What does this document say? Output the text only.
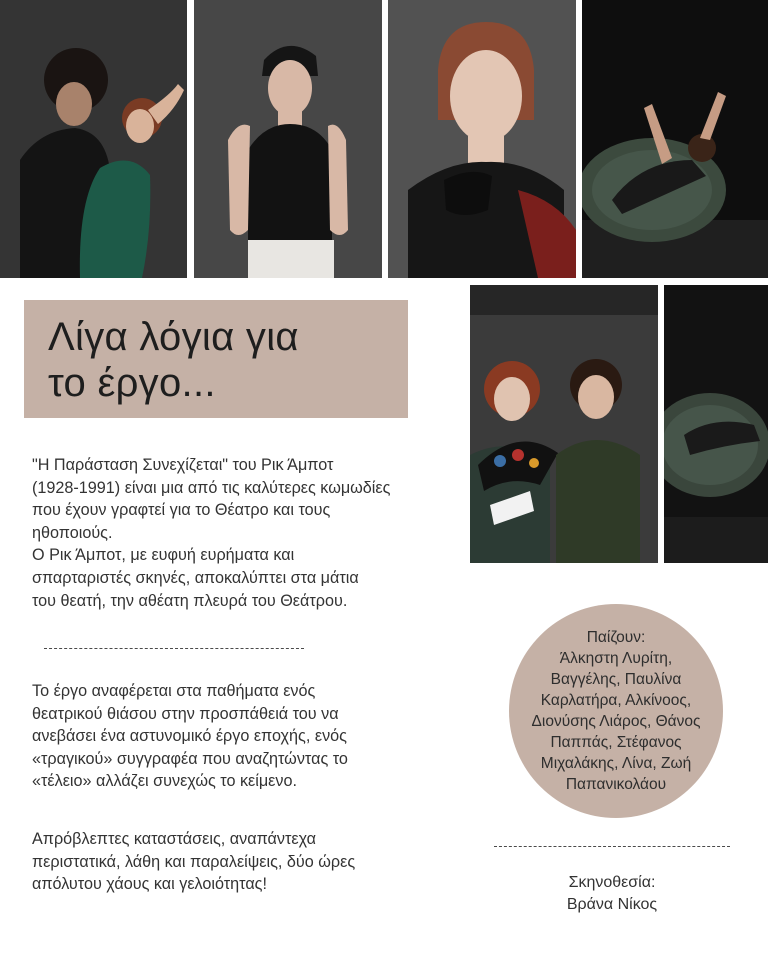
Λίγα λόγια για
το έργο...

"Η Παράσταση Συνεχίζεται" του Ρικ Άμποτ
(1928-1991) είναι μια από τις καλύτερες κωμωδίες
που έχουν γραφτεί για το Θέατρο και τους
ηθοποιούς.
Ο Ρικ Άμποτ, με ευφυή ευρήματα και
σπαρταριστές σκηνές, αποκαλύπτει στα μάτια
του θεατή, την αθέατη πλευρά του Θεάτρου.

Το έργο αναφέρεται στα παθήματα ενός
θεατρικού θιάσου στην προσπάθειά του να
ανεβάσει ένα αστυνομικό έργο εποχής, ενός
«τραγικού» συγγραφέα που αναζητώντας το
«τέλειο» αλλάζει συνεχώς το κείμενο.

Απρόβλεπτες καταστάσεις, αναπάντεχα
περιστατικά, λάθη και παραλείψεις, δύο ώρες
απόλυτου χάους και γελοιότητας!

Παίζουν:
Άλκηστη Λυρίτη,
Βαγγέλης, Παυλίνα
Καρλατήρα, Αλκίνοος,
Διονύσης Λιάρος, Θάνος
Παππάς, Στέφανος
Μιχαλάκης, Λίνα, Ζωή
Παπανικολάου
Σκηνοθεσία:
Βράνα Νίκος
